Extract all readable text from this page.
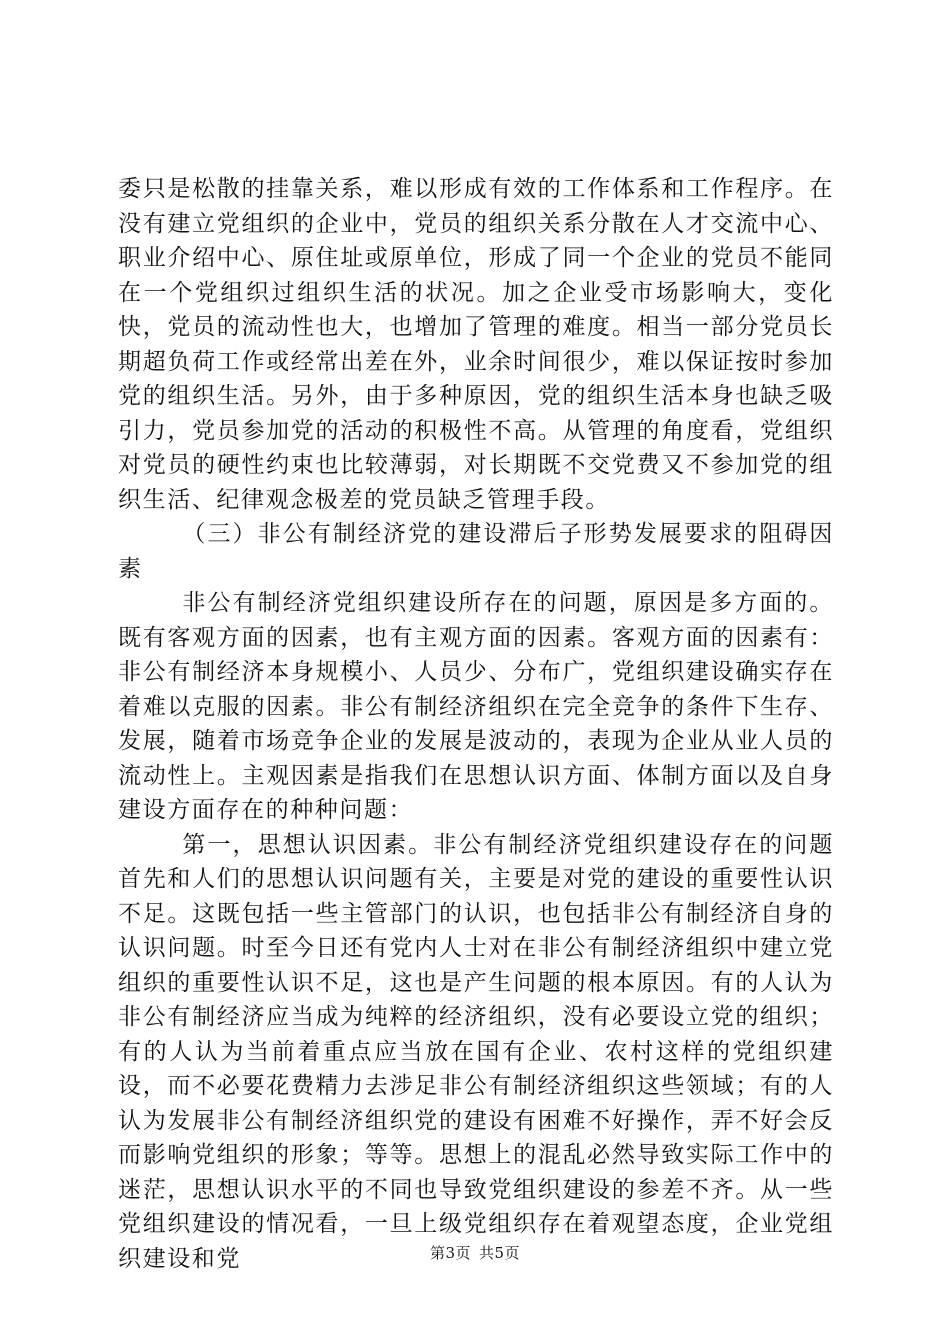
委只是松散的挂靠关系，难以形成有效的工作体系和工作程序。在没有建立党组织的企业中，党员的组织关系分散在人才交流中心、职业介绍中心、原住址或原单位，形成了同一个企业的党员不能同在一个党组织过组织生活的状况。加之企业受市场影响大，变化快，党员的流动性也大，也增加了管理的难度。相当一部分党员长期超负荷工作或经常出差在外，业余时间很少，难以保证按时参加党的组织生活。另外，由于多种原因，党的组织生活本身也缺乏吸引力，党员参加党的活动的积极性不高。从管理的角度看，党组织对党员的硬性约束也比较薄弱，对长期既不交党费又不参加党的组织生活、纪律观念极差的党员缺乏管理手段。

（三）非公有制经济党的建设滞后子形势发展要求的阻碍因素

非公有制经济党组织建设所存在的问题，原因是多方面的。既有客观方面的因素，也有主观方面的因素。客观方面的因素有：非公有制经济本身规模小、人员少、分布广，党组织建设确实存在着难以克服的因素。非公有制经济组织在完全竞争的条件下生存、发展，随着市场竞争企业的发展是波动的，表现为企业从业人员的流动性上。主观因素是指我们在思想认识方面、体制方面以及自身建设方面存在的种种问题：

第一，思想认识因素。非公有制经济党组织建设存在的问题首先和人们的思想认识问题有关，主要是对党的建设的重要性认识不足。这既包括一些主管部门的认识，也包括非公有制经济自身的认识问题。时至今日还有党内人士对在非公有制经济组织中建立党组织的重要性认识不足，这也是产生问题的根本原因。有的人认为非公有制经济应当成为纯粹的经济组织，没有必要设立党的组织；有的人认为当前着重点应当放在国有企业、农村这样的党组织建设，而不必要花费精力去涉足非公有制经济组织这些领域；有的人认为发展非公有制经济组织党的建设有困难不好操作，弄不好会反而影响党组织的形象；等等。思想上的混乱必然导致实际工作中的迷茫，思想认识水平的不同也导致党组织建设的参差不齐。从一些党组织建设的情况看，一旦上级党组织存在着观望态度，企业党组织建设和党	第3页 共5页
